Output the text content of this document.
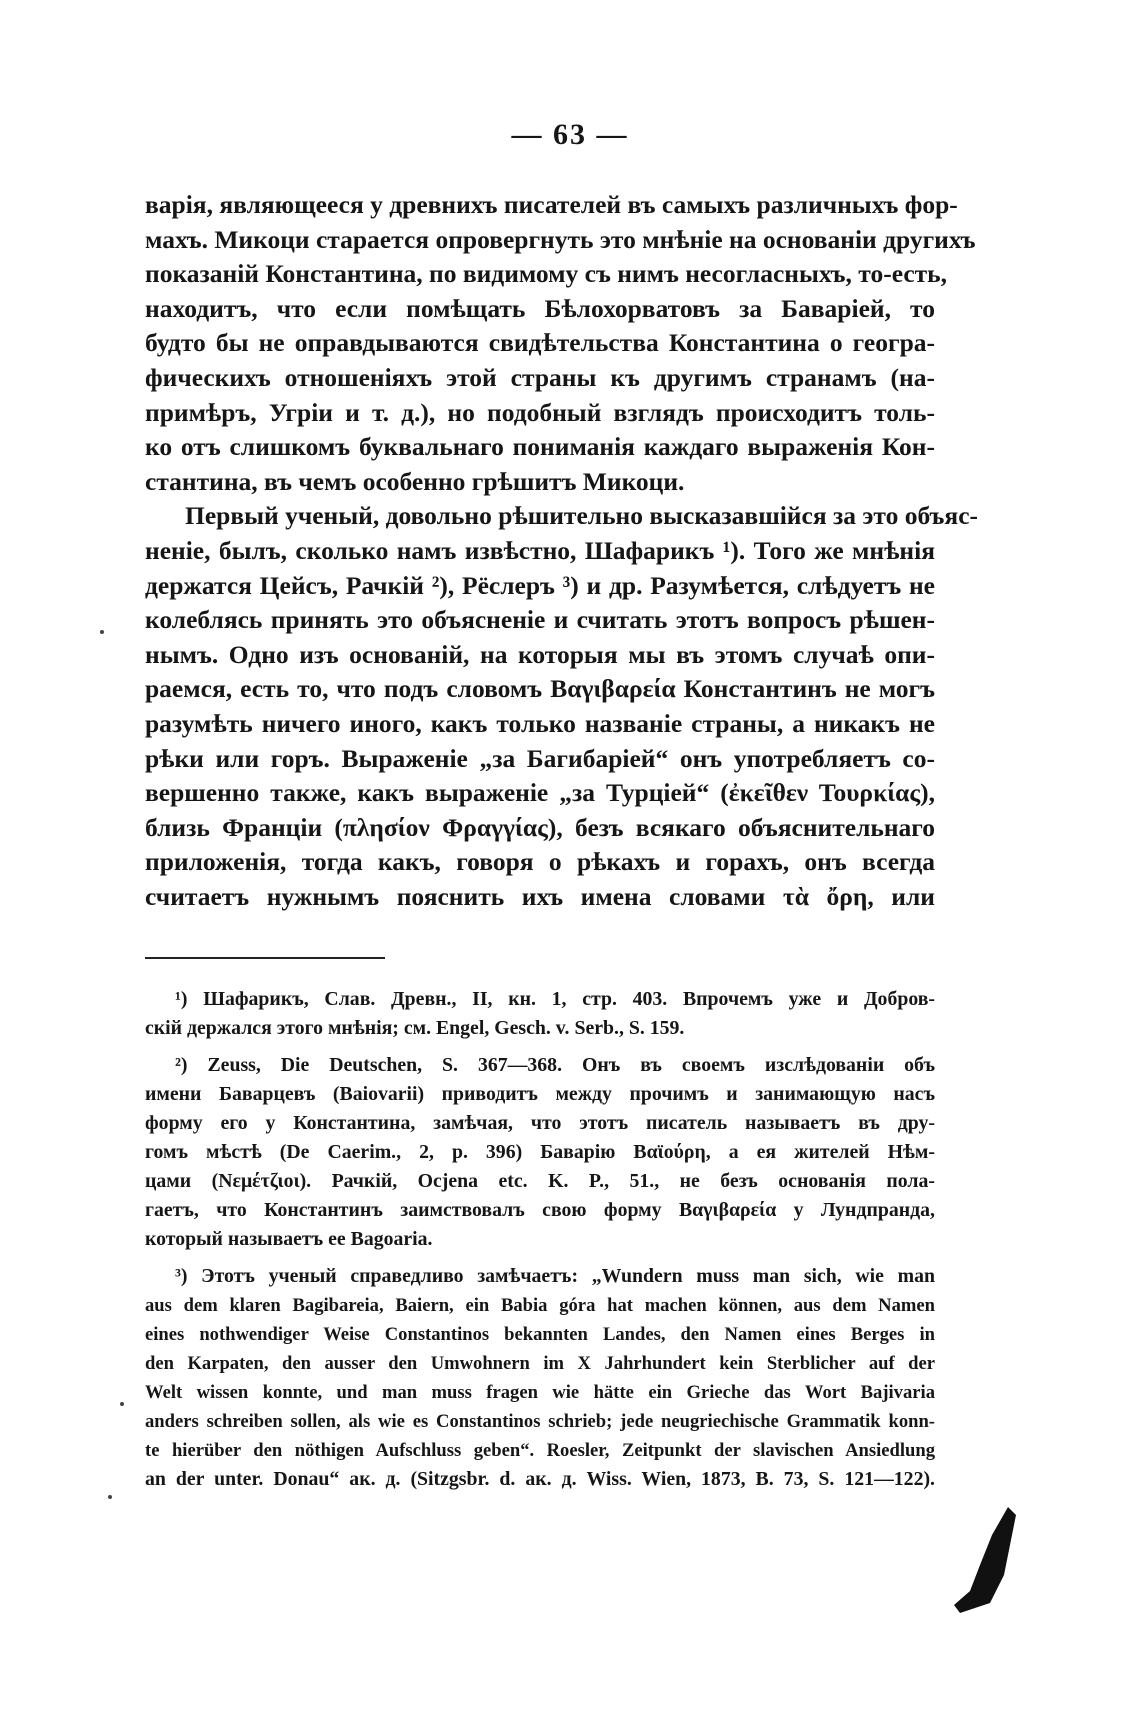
— 63 —
варія, являющееся у древнихъ писателей въ самыхъ различныхъ фор-
махъ. Микоци старается опровергнуть это мнѣніе на основаніи другихъ
показаній Константина, по видимому съ нимъ несогласныхъ, то-есть,
находитъ, что если помѣщать Бѣлохорватовъ за Баваріей, то
будто бы не оправдываются свидѣтельства Константина о геогра-
фическихъ отношеніяхъ этой страны къ другимъ странамъ (на-
примѣръ, Угріи и т. д.), но подобный взглядъ происходитъ толь-
ко отъ слишкомъ буквальнаго пониманія каждаго выраженія Кон-
стантина, въ чемъ особенно грѣшитъ Микоци.
Первый ученый, довольно рѣшительно высказавшійся за это объяс-
неніе, былъ, сколько намъ извѣстно, Шафарикъ ¹). Того же мнѣнія
держатся Цейсъ, Рачкій ²), Рёслеръ ³) и др. Разумѣется, слѣдуетъ не
колеблясь принять это объясненіе и считать этотъ вопросъ рѣшен-
нымъ. Одно изъ основаній, на которыя мы въ этомъ случаѣ опи-
раемся, есть то, что подъ словомъ Βαγιβαρεία Константинъ не могъ
разумѣть ничего иного, какъ только названіе страны, а никакъ не
рѣки или горъ. Выраженіе „за Багибаріей“ онъ употребляетъ со-
вершенно также, какъ выраженіе „за Турціей“ (ἐκεῖθεν Τουρκίας),
близь Франціи (πλησίον Φραγγίας), безъ всякаго объяснительнаго
приложенія, тогда какъ, говоря о рѣкахъ и горахъ, онъ всегда
считаетъ нужнымъ пояснить ихъ имена словами τὰ ὄρη, или
¹) Шафарикъ, Слав. Древн., II, кн. 1, стр. 403. Впрочемъ уже и Добров-
скій держался этого мнѣнія; см. Engel, Gesch. v. Serb., S. 159.
²) Zeuss, Die Deutschen, S. 367—368. Онъ въ своемъ изслѣдованіи объ
имени Баварцевъ (Baiovarii) приводитъ между прочимъ и занимающую насъ
форму его у Константина, замѣчая, что этотъ писатель называетъ въ дру-
гомъ мѣстѣ (De Caerim., 2, p. 396) Баварію Βαϊούρη, а ея жителей Нѣм-
цами (Νεμέτζιοι). Рачкій, Ocjena etc. K. P., 51., не безъ основанія пола-
гаетъ, что Константинъ заимствовалъ свою форму Βαγιβαρεία у Лундпранда,
который называетъ ее Bagoaria.
³) Этотъ ученый справедливо замѣчаетъ: „Wundern muss man sich, wie man
aus dem klaren Bagibareia, Baiern, ein Babia góra hat machen können, aus dem Namen
eines nothwendiger Weise Constantinos bekannten Landes, den Namen eines Berges in
den Karpaten, den ausser den Umwohnern im X Jahrhundert kein Sterblicher auf der
Welt wissen konnte, und man muss fragen wie hätte ein Grieche das Wort Bajivaria
anders schreiben sollen, als wie es Constantinos schrieb; jede neugriechische Grammatik konn-
te hierüber den nöthigen Aufschluss geben“. Roesler, Zeitpunkt der slavischen Ansiedlung
an der unter. Donau“ ак. д. (Sitzgsbr. d. ак. д. Wiss. Wien, 1873, B. 73, S. 121—122).
